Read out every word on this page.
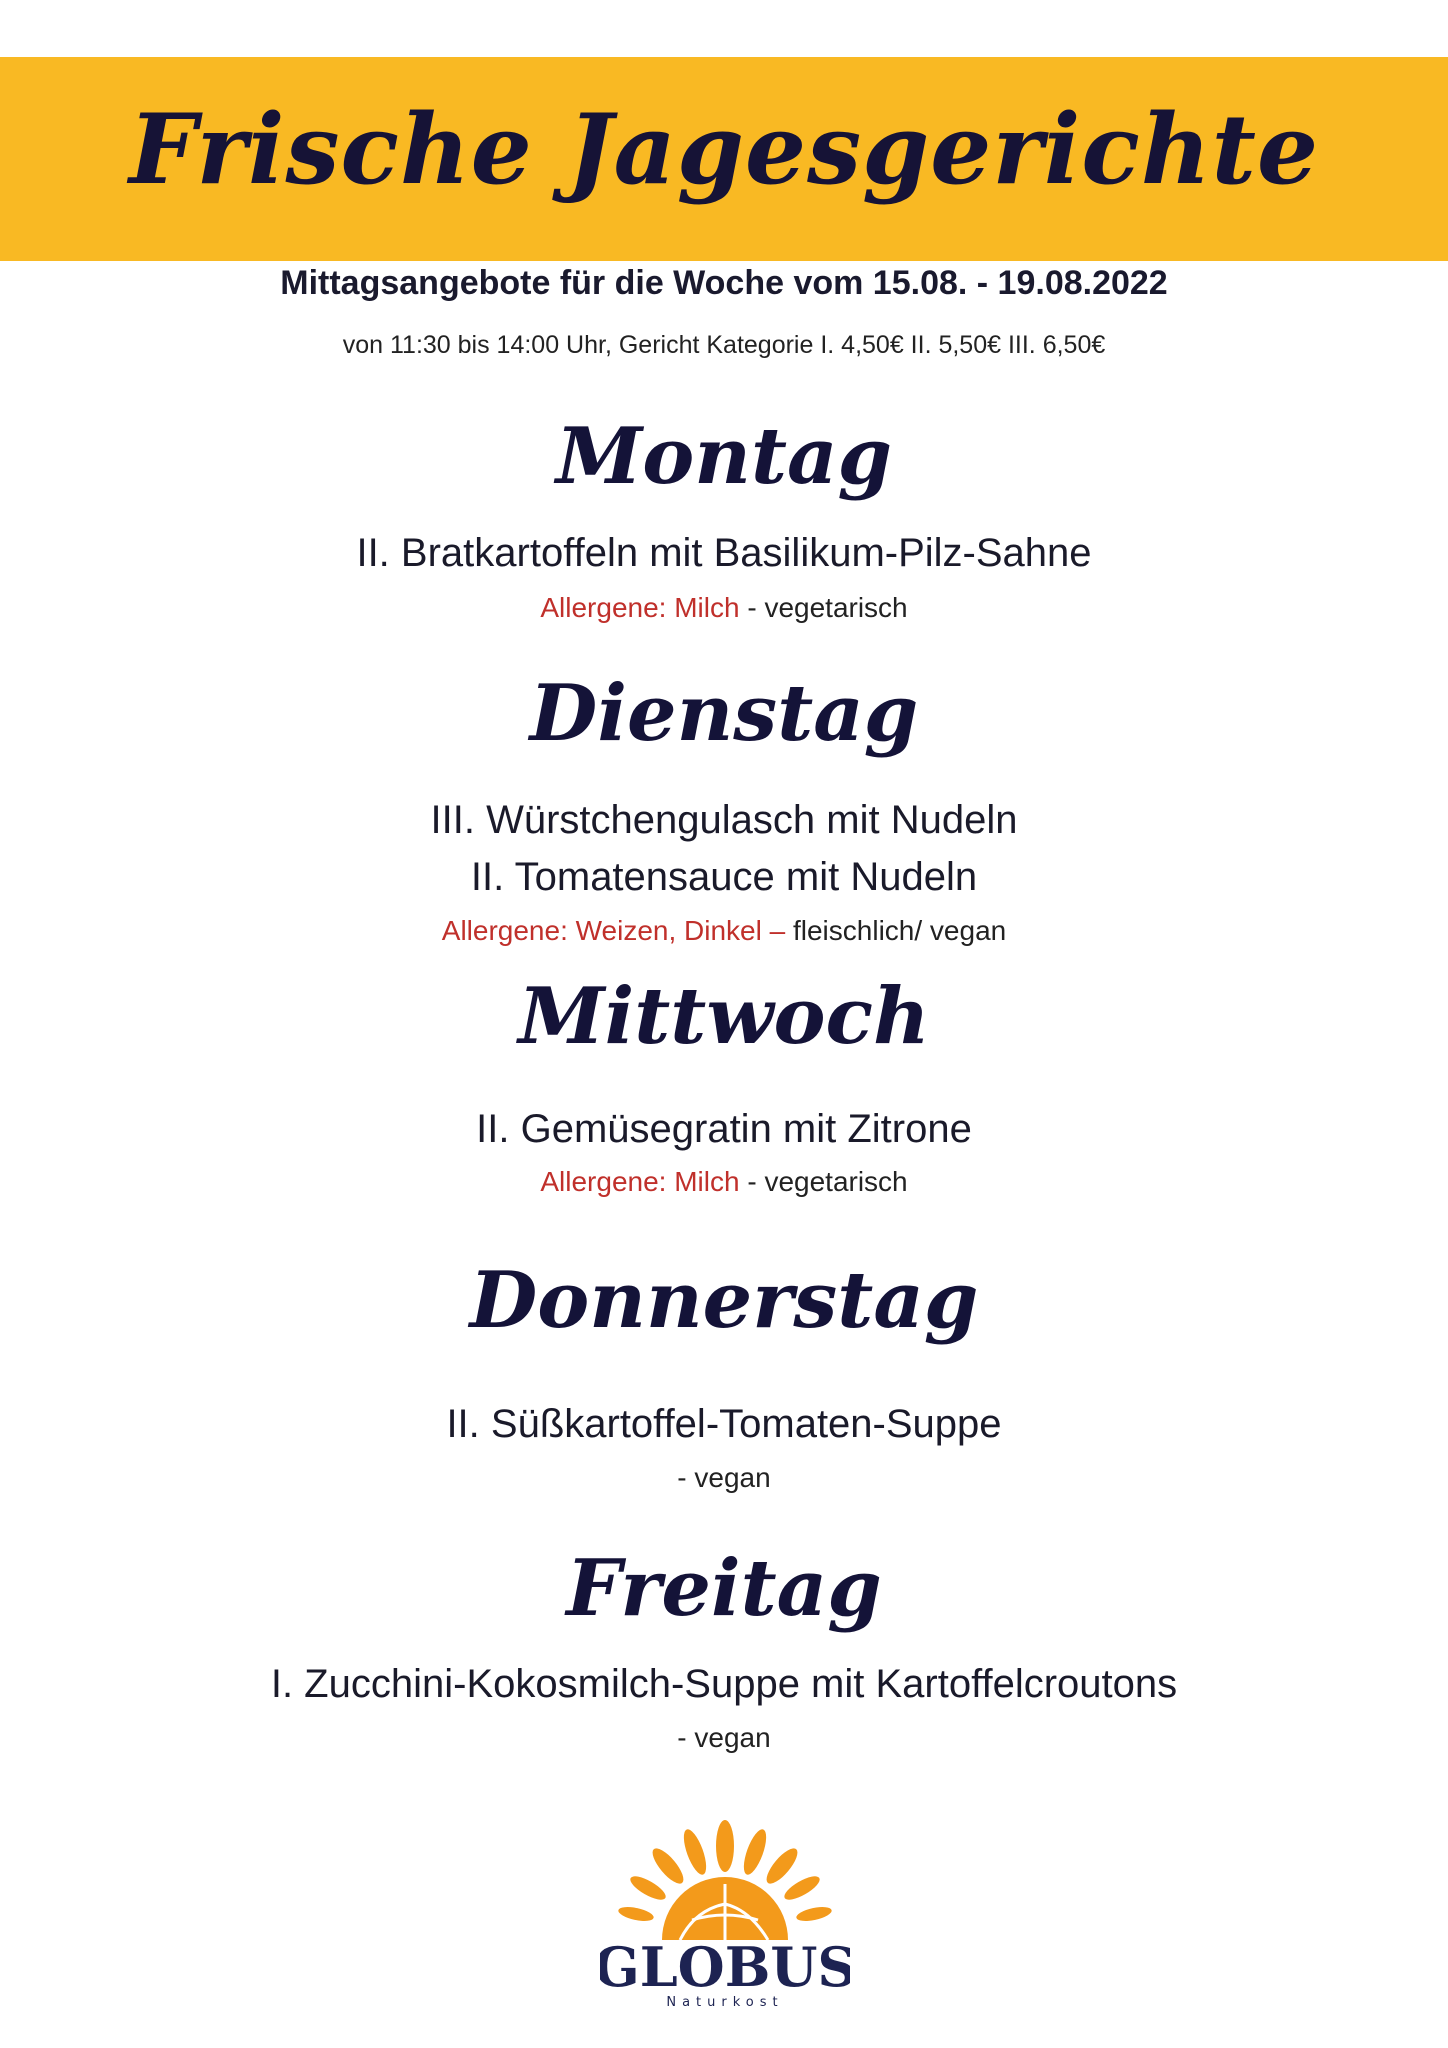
Frische Jagesgerichte
Mittagsangebote für die Woche vom 15.08. - 19.08.2022
von 11:30 bis 14:00 Uhr, Gericht Kategorie I. 4,50€ II. 5,50€ III. 6,50€
Montag
II. Bratkartoffeln mit Basilikum-Pilz-Sahne
Allergene: Milch - vegetarisch
Dienstag
III. Würstchengulasch mit Nudeln
II. Tomatensauce mit Nudeln
Allergene: Weizen, Dinkel – fleischlich/ vegan
Mittwoch
II. Gemüsegratin mit Zitrone
Allergene: Milch - vegetarisch
Donnerstag
II. Süßkartoffel-Tomaten-Suppe
- vegan
Freitag
I. Zucchini-Kokosmilch-Suppe mit Kartoffelcroutons
- vegan
GLOBUS
Naturkost
